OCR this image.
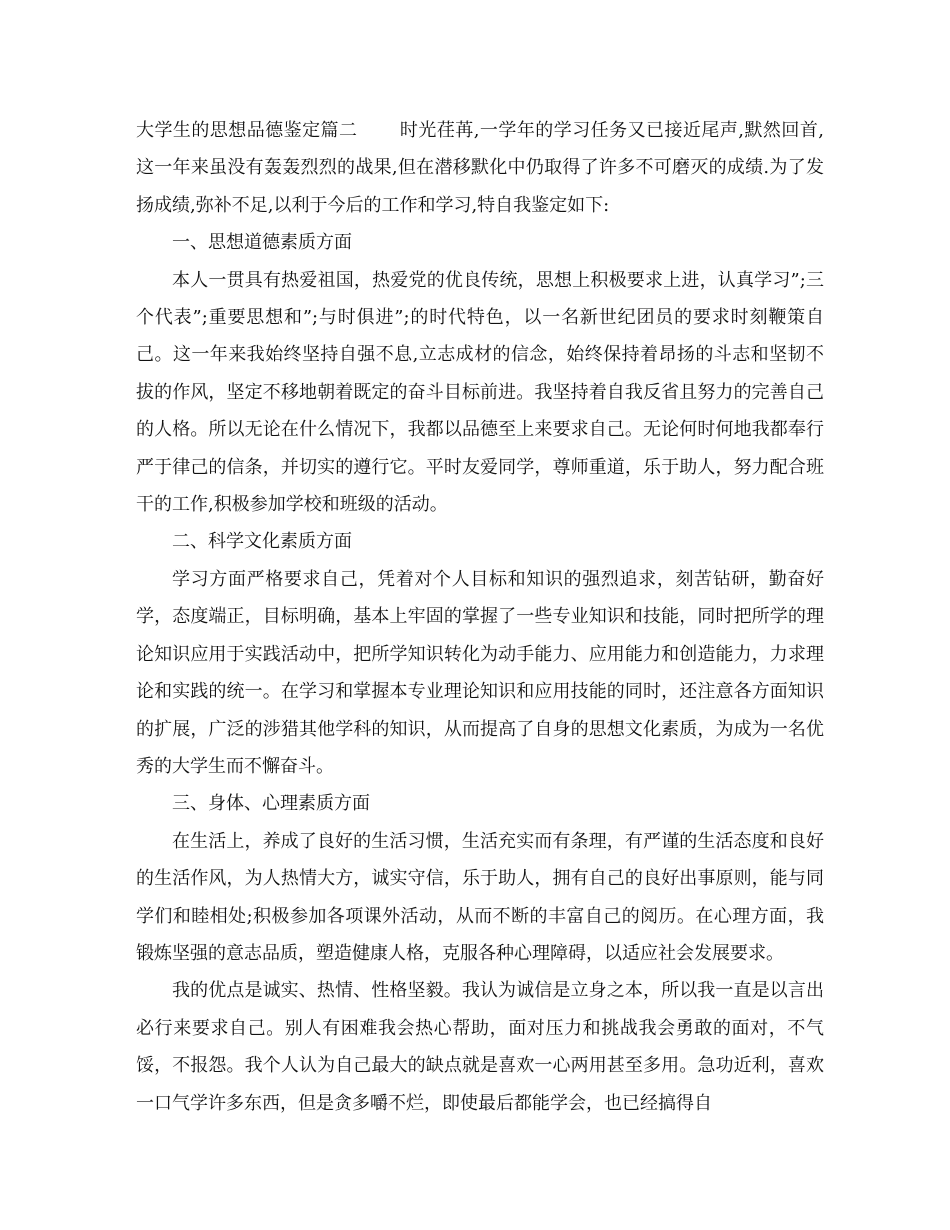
大学生的思想品德鉴定篇二 时光荏苒,一学年的学习任务又已接近尾声,默然回首,这一年来虽没有轰轰烈烈的战果,但在潜移默化中仍取得了许多不可磨灭的成绩.为了发扬成绩,弥补不足,以利于今后的工作和学习,特自我鉴定如下:

一、思想道德素质方面

本人一贯具有热爱祖国，热爱党的优良传统，思想上积极要求上进，认真学习”;三个代表”;重要思想和”;与时俱进”;的时代特色，以一名新世纪团员的要求时刻鞭策自己。这一年来我始终坚持自强不息,立志成材的信念，始终保持着昂扬的斗志和坚韧不拔的作风，坚定不移地朝着既定的奋斗目标前进。我坚持着自我反省且努力的完善自己的人格。所以无论在什么情况下，我都以品德至上来要求自己。无论何时何地我都奉行严于律己的信条，并切实的遵行它。平时友爱同学，尊师重道，乐于助人，努力配合班干的工作,积极参加学校和班级的活动。

二、科学文化素质方面

学习方面严格要求自己，凭着对个人目标和知识的强烈追求，刻苦钻研，勤奋好学，态度端正，目标明确，基本上牢固的掌握了一些专业知识和技能，同时把所学的理论知识应用于实践活动中，把所学知识转化为动手能力、应用能力和创造能力，力求理论和实践的统一。在学习和掌握本专业理论知识和应用技能的同时，还注意各方面知识的扩展，广泛的涉猎其他学科的知识，从而提高了自身的思想文化素质，为成为一名优秀的大学生而不懈奋斗。

三、身体、心理素质方面

在生活上，养成了良好的生活习惯，生活充实而有条理，有严谨的生活态度和良好的生活作风，为人热情大方，诚实守信，乐于助人，拥有自己的良好出事原则，能与同学们和睦相处;积极参加各项课外活动，从而不断的丰富自己的阅历。在心理方面，我锻炼坚强的意志品质，塑造健康人格，克服各种心理障碍，以适应社会发展要求。

我的优点是诚实、热情、性格坚毅。我认为诚信是立身之本，所以我一直是以言出必行来要求自己。别人有困难我会热心帮助，面对压力和挑战我会勇敢的面对，不气馁，不报怨。我个人认为自己最大的缺点就是喜欢一心两用甚至多用。急功近利，喜欢一口气学许多东西，但是贪多嚼不烂，即使最后都能学会，也已经搞得自
